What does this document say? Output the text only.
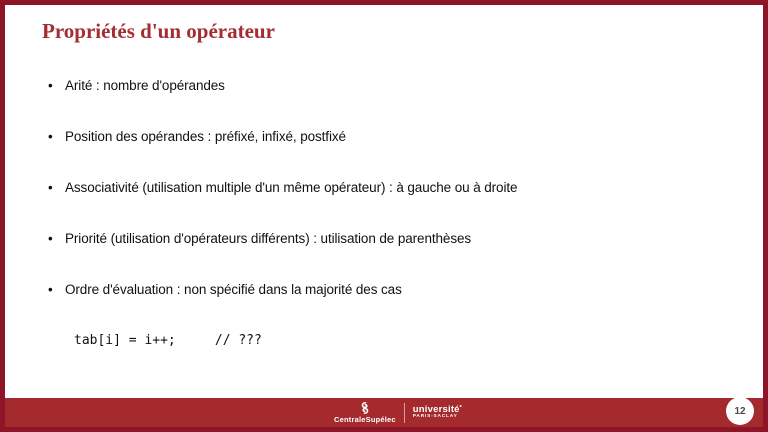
Propriétés d'un opérateur
• Arité : nombre d'opérandes
• Position des opérandes : préfixé, infixé, postfixé
• Associativité (utilisation multiple d'un même opérateur) : à gauche ou à droite
• Priorité (utilisation d'opérateurs différents) : utilisation de parenthèses
• Ordre d'évaluation : non spécifié dans la majorité des cas
tab[i] = i++;     // ???
CentraleSupélec
université•
PARIS-SACLAY
12
